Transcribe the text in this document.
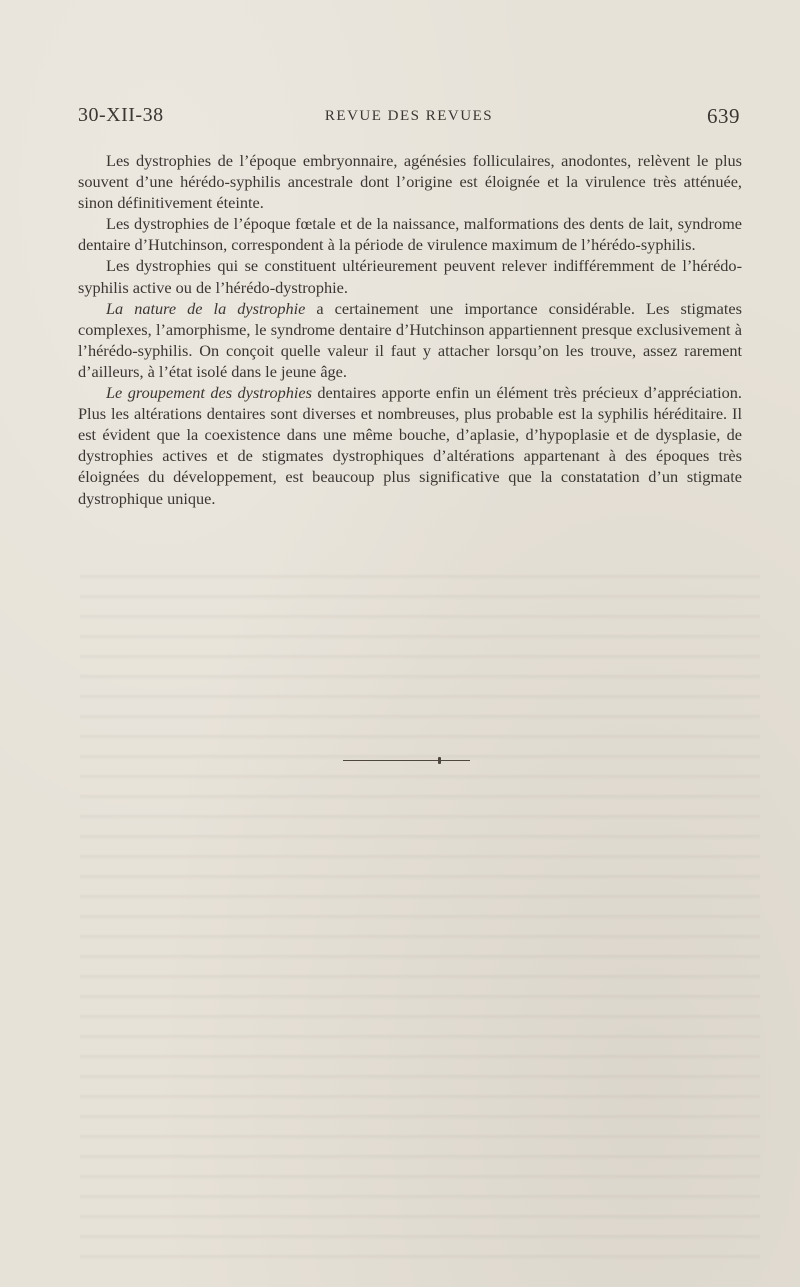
30-XII-38	REVUE DES REVUES	639

Les dystrophies de l’époque embryonnaire, agénésies folliculaires, anodontes, relèvent le plus souvent d’une hérédo-syphilis ancestrale dont l’origine est éloignée et la virulence très atténuée, sinon définitivement éteinte.

Les dystrophies de l’époque fœtale et de la naissance, malformations des dents de lait, syndrome dentaire d’Hutchinson, correspondent à la période de virulence maximum de l’hérédo-syphilis.

Les dystrophies qui se constituent ultérieurement peuvent relever indifféremment de l’hérédo-syphilis active ou de l’hérédo-dystrophie.

La nature de la dystrophie a certainement une importance considérable. Les stigmates complexes, l’amorphisme, le syndrome dentaire d’Hutchinson appartiennent presque exclusivement à l’hérédo-syphilis. On conçoit quelle valeur il faut y attacher lorsqu’on les trouve, assez rarement d’ailleurs, à l’état isolé dans le jeune âge.

Le groupement des dystrophies dentaires apporte enfin un élément très précieux d’appréciation. Plus les altérations dentaires sont diverses et nombreuses, plus probable est la syphilis héréditaire. Il est évident que la coexistence dans une même bouche, d’aplasie, d’hypoplasie et de dysplasie, de dystrophies actives et de stigmates dystrophiques d’altérations appartenant à des époques très éloignées du développement, est beaucoup plus significative que la constatation d’un stigmate dystrophique unique.
